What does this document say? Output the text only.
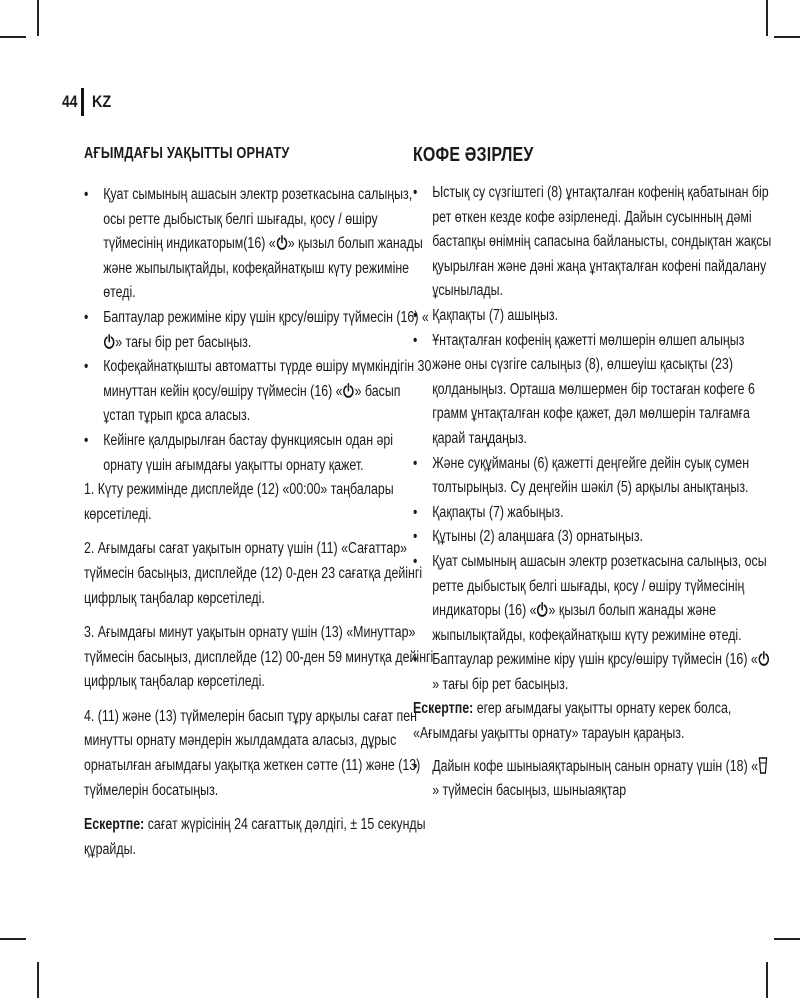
44 KZ
АҒЫМДАҒЫ УАҚЫТТЫ ОРНАТУ
• Қуат сымының ашасын электр розеткасына салыңыз, осы ретте дыбыстық белгі шығады, қосу / өшіру түймесінің индикаторым(16) « » қызыл болып жанады және жыпылықтайды, кофеқайнатқыш күту режиміне өтеді.
• Баптаулар режиміне кіру үшін қрсу/өшіру түймесін (16) «
» тағы бір рет басыңыз.
• Кофеқайнатқышты автоматты түрде өшіру мүмкіндігін 30 минуттан кейін қосу/өшіру түймесін (16) « » басып ұстап тұрып қрса аласыз.
• Кейінге қалдырылған бастау функциясын одан әрі орнату үшін ағымдағы уақытты орнату қажет.

1. Күту режимінде дисплейде (12) «00:00» таңбалары көрсетіледі.

2. Ағымдағы сағат уақытын орнату үшін (11) «Сағаттар» түймесін басыңыз, дисплейде (12) 0-ден 23 сағатқа дейінгі цифрлық таңбалар көрсетіледі.

3. Ағымдағы минут уақытын орнату үшін (13) «Минуттар» түймесін басыңыз, дисплейде (12) 00-ден 59 минутқа дейінгі цифрлық таңбалар көрсетіледі.

4. (11) және (13) түймелерін басып тұру арқылы сағат пен минутты орнату мәндерін жылдамдата аласыз, дұрыс орнатылған ағымдағы уақытқа жеткен сәтте (11) және (13) түймелерін босатыңыз.

Ескертпе: сағат жүрісінің 24 сағаттық дәлдігі, ± 15 секунды құрайды.

КОФЕ ӘЗІРЛЕУ
• Ыстық су сүзгіштегі (8) ұнтақталған кофенің қабатынан бір рет өткен кезде кофе әзірленеді. Дайын сусынның дәмі бастапқы өнімнің сапасына байланысты, сондықтан жақсы қуырылған және дәні жаңа ұнтақталған кофені пайдалану ұсынылады.
• Қақпақты (7) ашыңыз.
• Ұнтақталған кофенің қажетті мөлшерін өлшеп алыңыз және оны сүзгіге салыңыз (8), өлшеуіш қасықты (23) қолданыңыз. Орташа мөлшермен бір тостаған кофеге 6 грамм ұнтақталған кофе қажет, дәл мөлшерін талғамға қарай таңдаңыз.
• Және суқұйманы (6) қажетті деңгейге дейін суық сумен толтырыңыз. Су деңгейін шәкіл (5) арқылы анықтаңыз.
• Қақпақты (7) жабыңыз.
• Құтыны (2) алаңшаға (3) орнатыңыз.
• Қуат сымының ашасын электр розеткасына салыңыз, осы ретте дыбыстық белгі шығады, қосу / өшіру түймесінің индикаторы (16) « » қызыл болып жанады және жыпылықтайды, кофеқайнатқыш күту режиміне өтеді.
• Баптаулар режиміне кіру үшін қрсу/өшіру түймесін (16) «
» тағы бір рет басыңыз.

Ескертпе: егер ағымдағы уақытты орнату керек болса, «Ағымдағы уақытты орнату» тарауын қараңыз.

• Дайын кофе шыныаяқтарының санын орнату үшін (18) «
» түймесін басыңыз, шыныаяқтар
